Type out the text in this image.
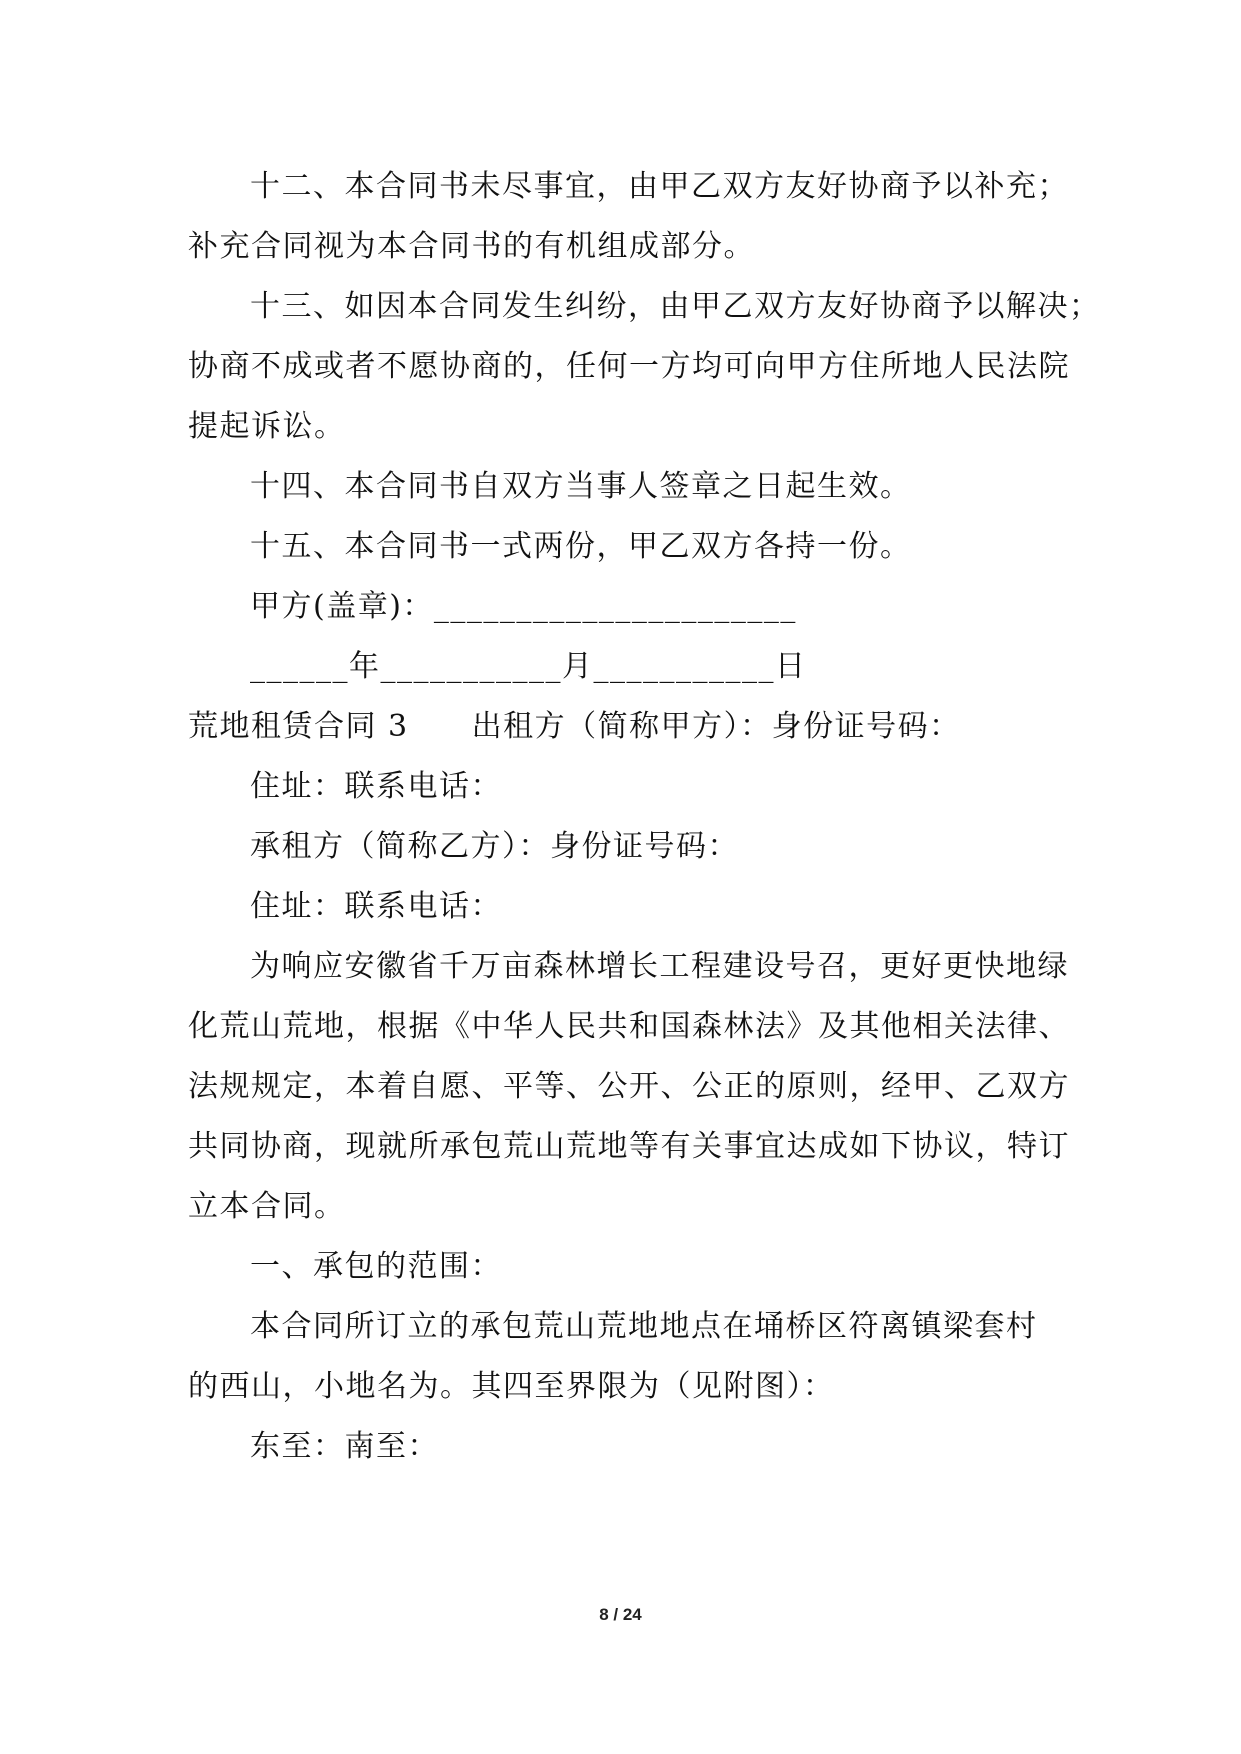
十二、本合同书未尽事宜，由甲乙双方友好协商予以补充；
补充合同视为本合同书的有机组成部分。
十三、如因本合同发生纠纷，由甲乙双方友好协商予以解决；
协商不成或者不愿协商的，任何一方均可向甲方住所地人民法院
提起诉讼。
十四、本合同书自双方当事人签章之日起生效。
十五、本合同书一式两份，甲乙双方各持一份。
甲方(盖章)：______________________
______年___________月___________日
荒地租赁合同 3　　出租方（简称甲方）：身份证号码：
住址：联系电话：
承租方（简称乙方）：身份证号码：
住址：联系电话：
为响应安徽省千万亩森林增长工程建设号召，更好更快地绿
化荒山荒地，根据《中华人民共和国森林法》及其他相关法律、
法规规定，本着自愿、平等、公开、公正的原则，经甲、乙双方
共同协商，现就所承包荒山荒地等有关事宜达成如下协议，特订
立本合同。
一、承包的范围：
本合同所订立的承包荒山荒地地点在埇桥区符离镇梁套村
的西山，小地名为。其四至界限为（见附图）：
东至：南至：
8 / 24
